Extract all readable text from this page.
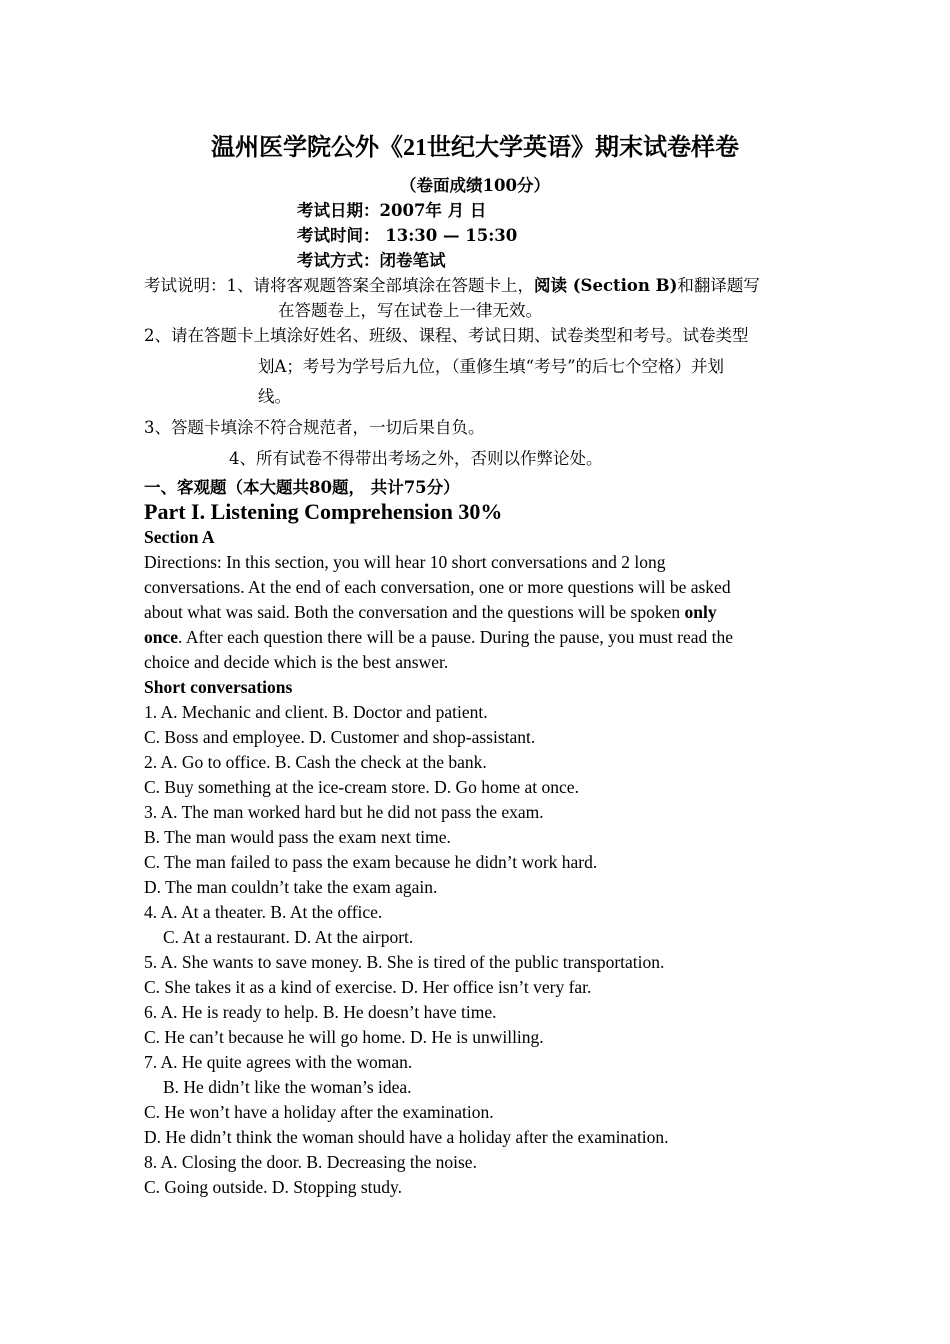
温州医学院公外《21世纪大学英语》期末试卷样卷
（卷面成绩100分）
考试日期：2007年 月 日
考试时间： 13:30 — 15:30
考试方式：闭卷笔试
考试说明：1、请将客观题答案全部填涂在答题卡上，阅读 (Section B)和翻译题写
在答题卷上，写在试卷上一律无效。
2、请在答题卡上填涂好姓名、班级、课程、考试日期、试卷类型和考号。试卷类型
划A；考号为学号后九位，（重修生填“考号”的后七个空格）并划
线。
3、答题卡填涂不符合规范者，一切后果自负。
4、所有试卷不得带出考场之外，否则以作弊论处。
一、客观题（本大题共80题， 共计75分）
Part I. Listening Comprehension 30%
Section A
Directions: In this section, you will hear 10 short conversations and 2 long
conversations. At the end of each conversation, one or more questions will be asked
about what was said. Both the conversation and the questions will be spoken only
once. After each question there will be a pause. During the pause, you must read the
choice and decide which is the best answer.
Short conversations
1. A. Mechanic and client. B. Doctor and patient.
C. Boss and employee. D. Customer and shop-assistant.
2. A. Go to office. B. Cash the check at the bank.
C. Buy something at the ice-cream store. D. Go home at once.
3. A. The man worked hard but he did not pass the exam.
B. The man would pass the exam next time.
C. The man failed to pass the exam because he didn’t work hard.
D. The man couldn’t take the exam again.
4. A. At a theater. B. At the office.
C. At a restaurant. D. At the airport.
5. A. She wants to save money. B. She is tired of the public transportation.
C. She takes it as a kind of exercise. D. Her office isn’t very far.
6. A. He is ready to help. B. He doesn’t have time.
C. He can’t because he will go home. D. He is unwilling.
7. A. He quite agrees with the woman.
B. He didn’t like the woman’s idea.
C. He won’t have a holiday after the examination.
D. He didn’t think the woman should have a holiday after the examination.
8. A. Closing the door. B. Decreasing the noise.
C. Going outside. D. Stopping study.
